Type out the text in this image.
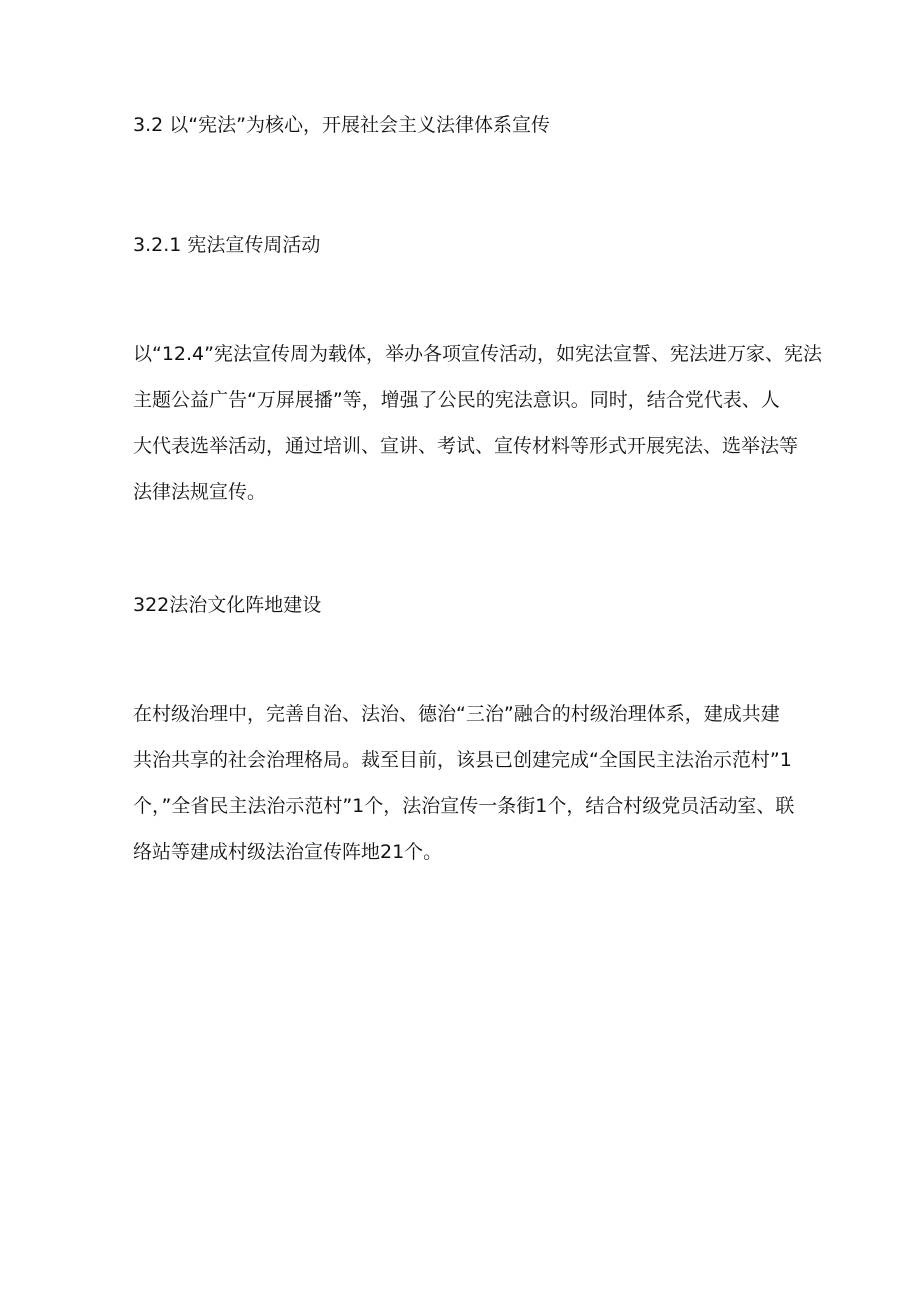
3.2 以“宪法”为核心，开展社会主义法律体系宣传
3.2.1 宪法宣传周活动
以“12.4”宪法宣传周为载体，举办各项宣传活动，如宪法宣誓、宪法进万家、宪法
主题公益广告“万屏展播”等，增强了公民的宪法意识。同时，结合党代表、人
大代表选举活动，通过培训、宣讲、考试、宣传材料等形式开展宪法、选举法等
法律法规宣传。
322法治文化阵地建设
在村级治理中，完善自治、法治、德治“三治”融合的村级治理体系，建成共建
共治共享的社会治理格局。裁至目前，该县已创建完成“全国民主法治示范村”1
个，”全省民主法治示范村”1个，法治宣传一条街1个，结合村级党员活动室、联
络站等建成村级法治宣传阵地21个。
